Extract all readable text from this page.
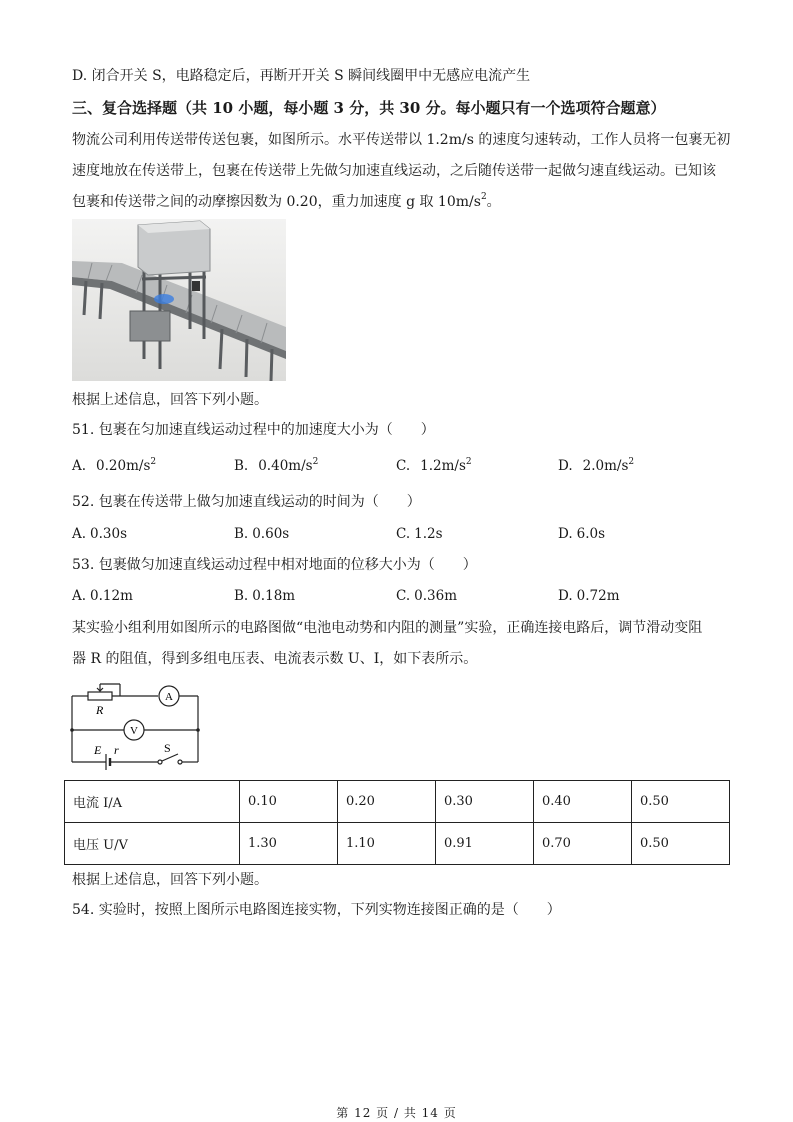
D. 闭合开关 S，电路稳定后，再断开开关 S 瞬间线圈甲中无感应电流产生
三、复合选择题（共 10 小题，每小题 3 分，共 30 分。每小题只有一个选项符合题意）
物流公司利用传送带传送包裹，如图所示。水平传送带以 1.2m/s 的速度匀速转动，工作人员将一包裹无初
速度地放在传送带上，包裹在传送带上先做匀加速直线运动，之后随传送带一起做匀速直线运动。已知该
包裹和传送带之间的动摩擦因数为 0.20，重力加速度 g 取 $10m/s^2$。
根据上述信息，回答下列小题。
51. 包裹在匀加速直线运动过程中的加速度大小为（　　）
A. $0.20m/s^2$	B. $0.40m/s^2$	C. $1.2m/s^2$	D. $2.0m/s^2$
52. 包裹在传送带上做匀加速直线运动的时间为（　　）
A. 0.30s	B. 0.60s	C. 1.2s	D. 6.0s
53. 包裹做匀加速直线运动过程中相对地面的位移大小为（　　）
A. 0.12m	B. 0.18m	C. 0.36m	D. 0.72m
某实验小组利用如图所示的电路图做“电池电动势和内阻的测量”实验，正确连接电路后，调节滑动变阻
器 R 的阻值，得到多组电压表、电流表示数 U、I，如下表所示。
R
A
V
E r	S
电流 I/A	0.10	0.20	0.30	0.40	0.50
电压 U/V	1.30	1.10	0.91	0.70	0.50
根据上述信息，回答下列小题。
54. 实验时，按照上图所示电路图连接实物，下列实物连接图正确的是（　　）
第 12 页 / 共 14 页
